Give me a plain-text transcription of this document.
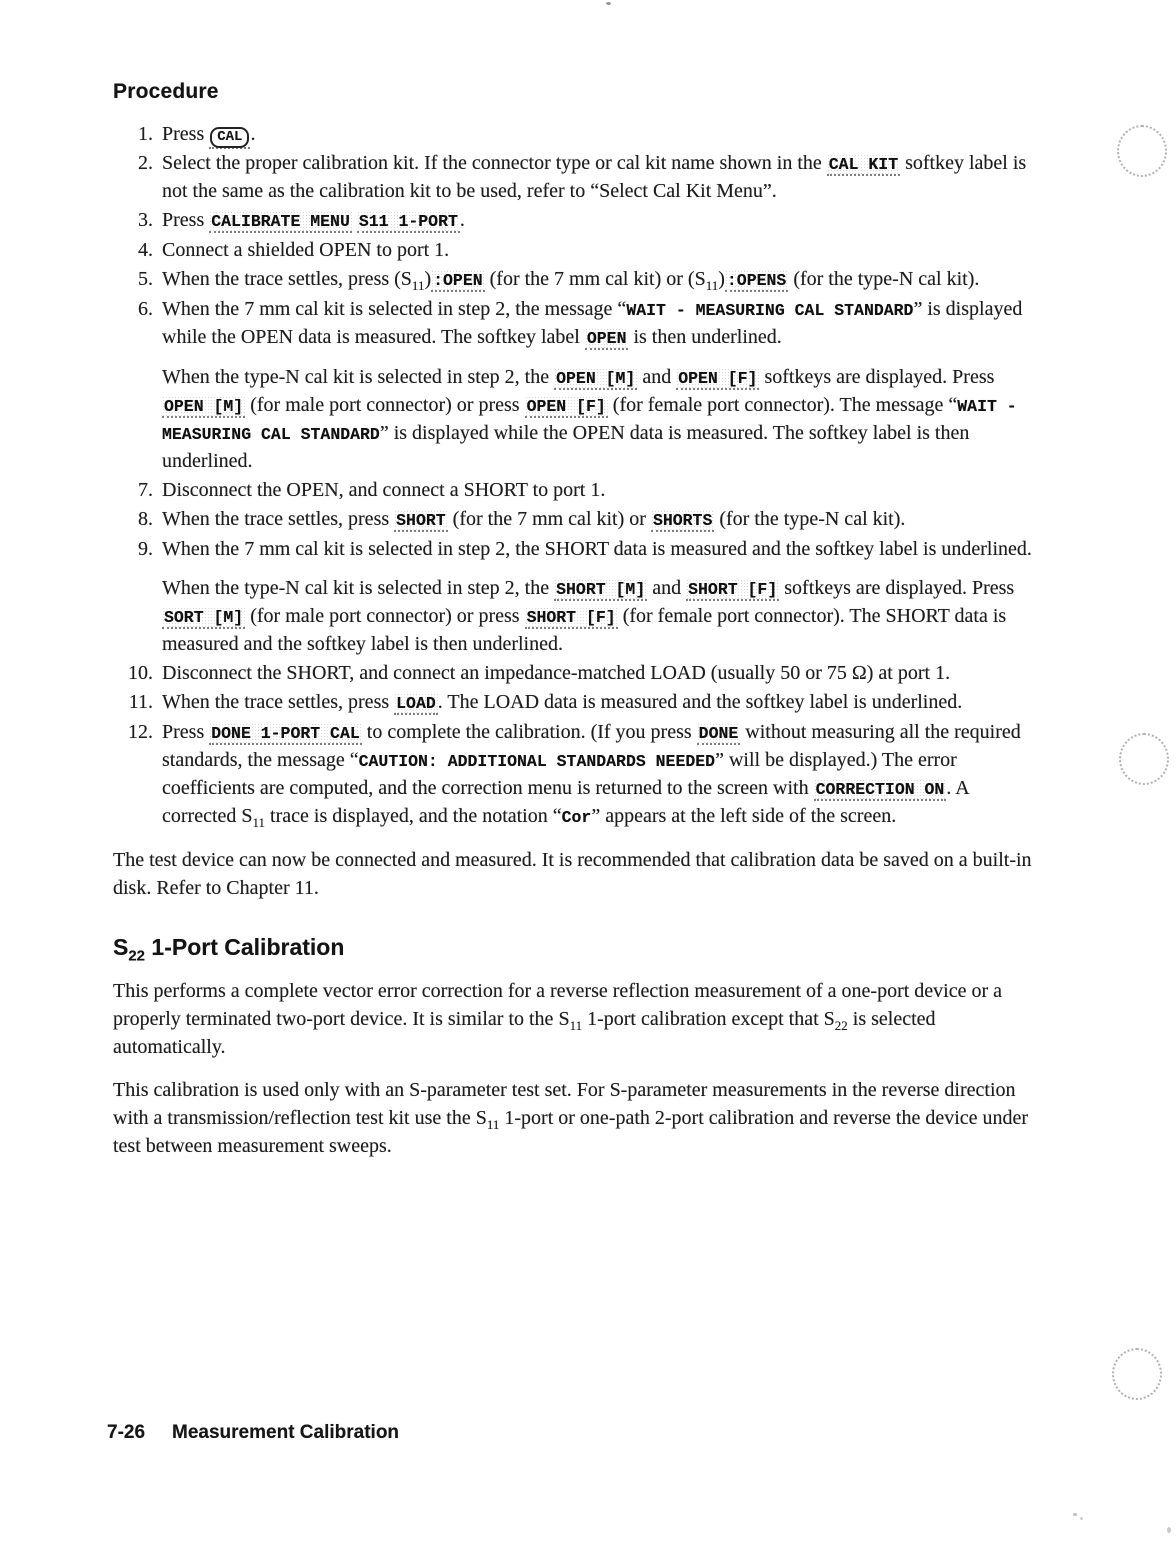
Procedure
1. Press CAL .

2. Select the proper calibration kit. If the connector type or cal kit name shown in the CAL KIT softkey label is not the same as the calibration kit to be used, refer to “Select Cal Kit Menu”.

3. Press CALIBRATE MENU S11 1-PORT .

4. Connect a shielded OPEN to port 1.

5. When the trace settles, press $(S_{11})$ :OPEN (for the 7 mm cal kit) or $(S_{11})$ :OPENS (for the type-N cal kit).

6. When the 7 mm cal kit is selected in step 2, the message “WAIT - MEASURING CAL STANDARD” is displayed while the OPEN data is measured. The softkey label OPEN is then underlined.

When the type-N cal kit is selected in step 2, the OPEN [M] and OPEN [F] softkeys are displayed. Press OPEN [M] (for male port connector) or press OPEN [F] (for female port connector). The message “WAIT - MEASURING CAL STANDARD” is displayed while the OPEN data is measured. The softkey label is then underlined.

7. Disconnect the OPEN, and connect a SHORT to port 1.

8. When the trace settles, press SHORT (for the 7 mm cal kit) or SHORTS (for the type-N cal kit).

9. When the 7 mm cal kit is selected in step 2, the SHORT data is measured and the softkey label is underlined.

When the type-N cal kit is selected in step 2, the SHORT [M] and SHORT [F] softkeys are displayed. Press SORT [M] (for male port connector) or press SHORT [F] (for female port connector). The SHORT data is measured and the softkey label is then underlined.

10. Disconnect the SHORT, and connect an impedance-matched LOAD (usually 50 or 75 Ω) at port 1.

11. When the trace settles, press LOAD . The LOAD data is measured and the softkey label is underlined.

12. Press DONE 1-PORT CAL to complete the calibration. (If you press DONE without measuring all the required standards, the message “CAUTION: ADDITIONAL STANDARDS NEEDED” will be displayed.) The error coefficients are computed, and the correction menu is returned to the screen with CORRECTION ON . A corrected $S_{11}$ trace is displayed, and the notation “Cor” appears at the left side of the screen.

The test device can now be connected and measured. It is recommended that calibration data be saved on a built-in disk. Refer to Chapter 11.

$S_{22}$ 1-Port Calibration

This performs a complete vector error correction for a reverse reflection measurement of a one-port device or a properly terminated two-port device. It is similar to the $S_{11}$ 1-port calibration except that $S_{22}$ is selected automatically.

This calibration is used only with an S-parameter test set. For S-parameter measurements in the reverse direction with a transmission/reflection test kit use the $S_{11}$ 1-port or one-path 2-port calibration and reverse the device under test between measurement sweeps.

7-26 Measurement Calibration
